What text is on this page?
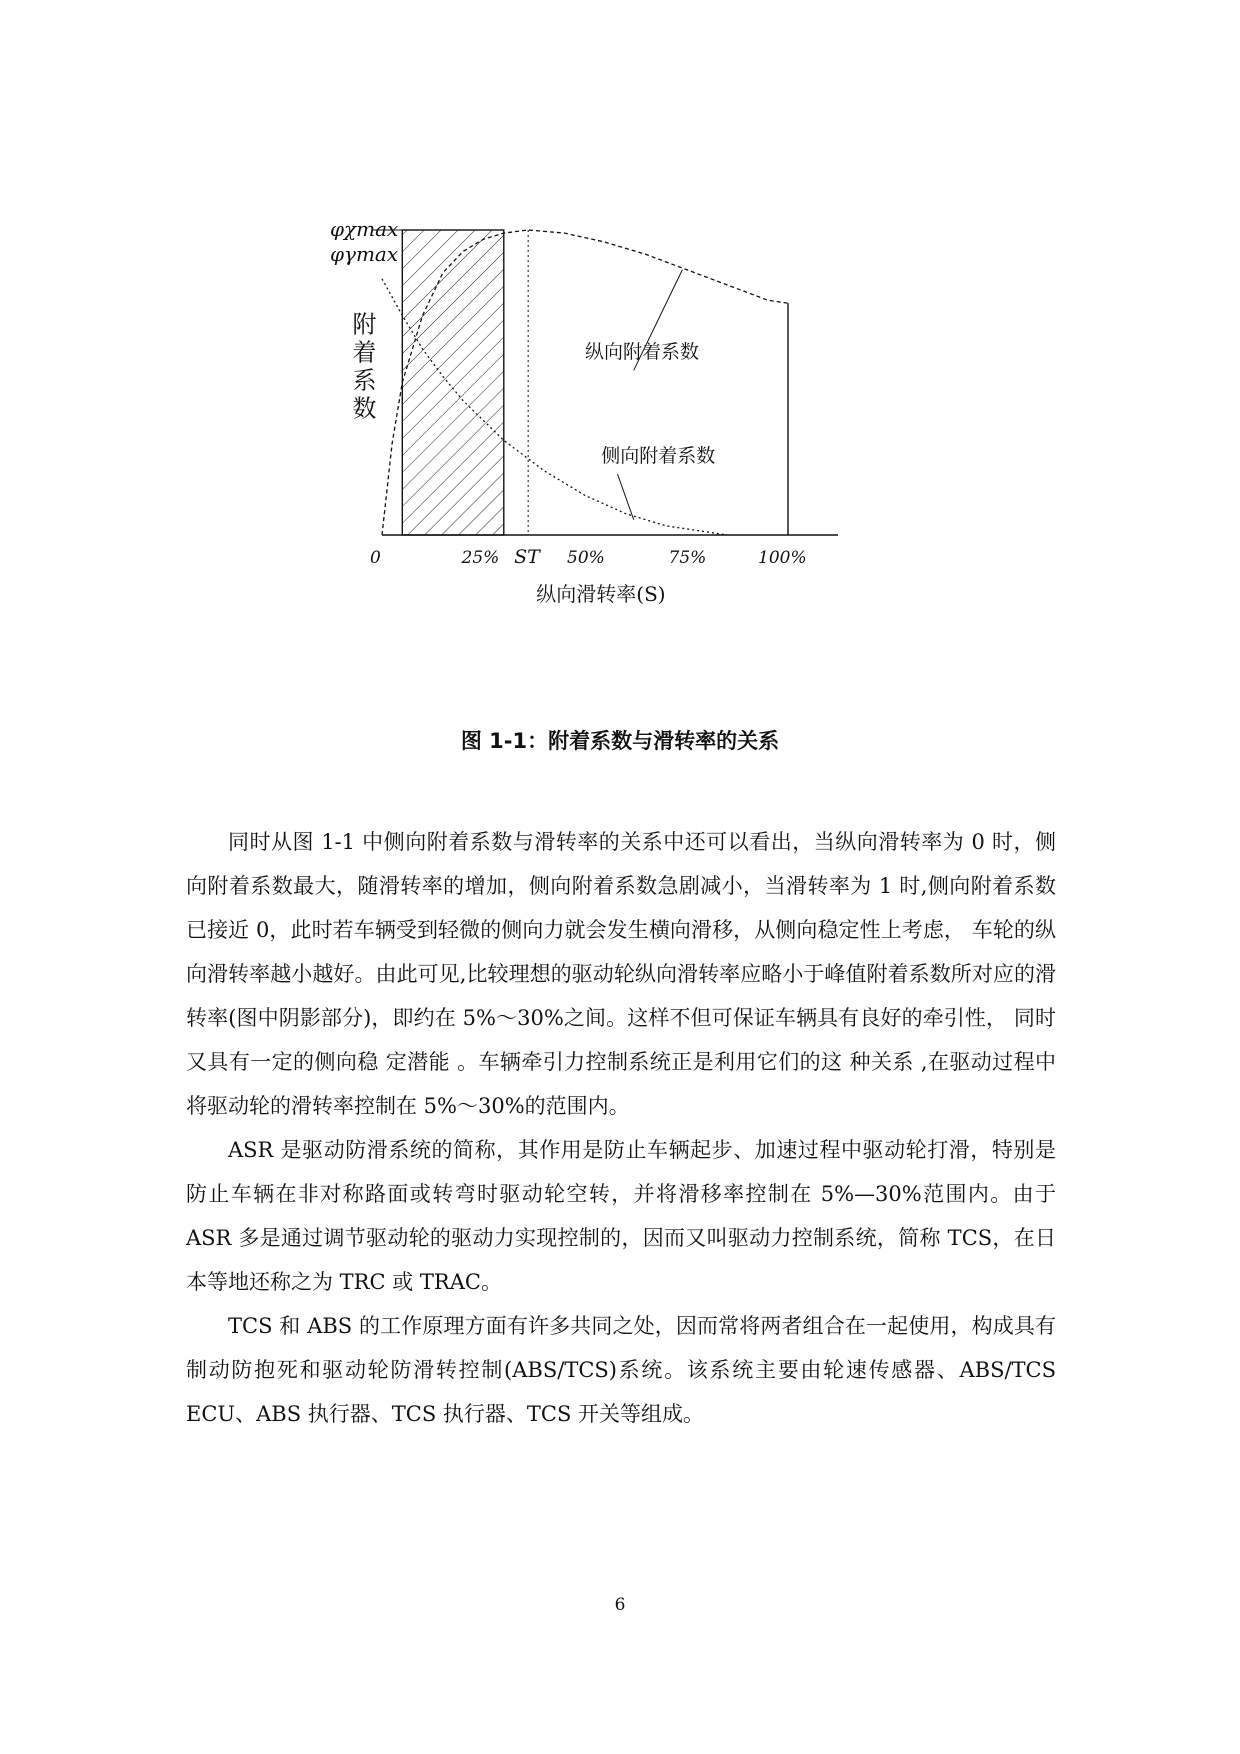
纵向附着系数
侧向附着系数
φχmax
φγmax
附着系数
0	25%	50%	75%	100%
ST
纵向滑转率(S)
图 1-1：附着系数与滑转率的关系

同时从图 1-1 中侧向附着系数与滑转率的关系中还可以看出，当纵向滑转率为 0 时，侧向附着系数最大，随滑转率的增加，侧向附着系数急剧减小，当滑转率为 1 时,侧向附着系数已接近 0，此时若车辆受到轻微的侧向力就会发生横向滑移，从侧向稳定性上考虑， 车轮的纵向滑转率越小越好。由此可见,比较理想的驱动轮纵向滑转率应略小于峰值附着系数所对应的滑转率(图中阴影部分)，即约在 5%～30%之间。这样不但可保证车辆具有良好的牵引性， 同时又具有一定的侧向稳 定潜能 。车辆牵引力控制系统正是利用它们的这 种关系 ,在驱动过程中将驱动轮的滑转率控制在 5%～30%的范围内。

ASR 是驱动防滑系统的简称，其作用是防止车辆起步、加速过程中驱动轮打滑，特别是防止车辆在非对称路面或转弯时驱动轮空转，并将滑移率控制在 5%—30%范围内。由于 ASR 多是通过调节驱动轮的驱动力实现控制的，因而又叫驱动力控制系统，简称 TCS，在日本等地还称之为 TRC 或 TRAC。

TCS 和 ABS 的工作原理方面有许多共同之处，因而常将两者组合在一起使用，构成具有制动防抱死和驱动轮防滑转控制(ABS/TCS)系统。该系统主要由轮速传感器、ABS/TCS ECU、ABS 执行器、TCS 执行器、TCS 开关等组成。

6
